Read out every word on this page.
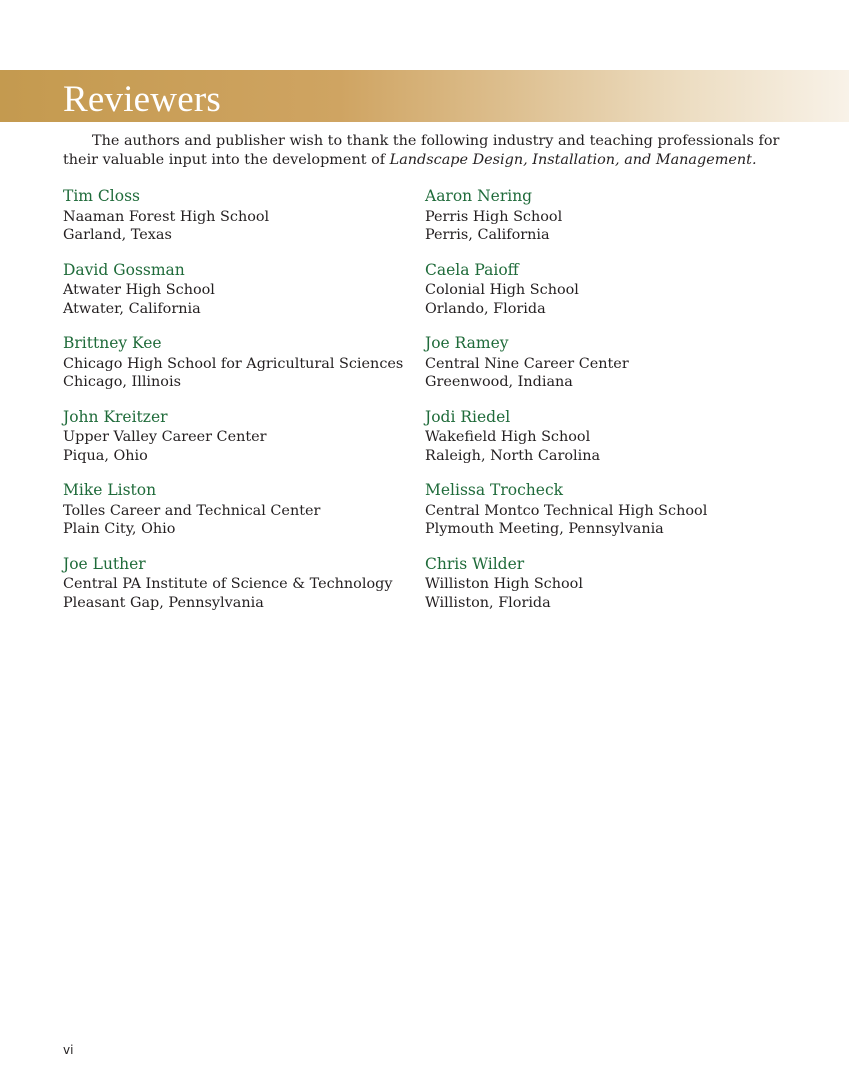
Reviewers

The authors and publisher wish to thank the following industry and teaching professionals for their valuable input into the development of Landscape Design, Installation, and Management.

Tim Closs
Naaman Forest High School
Garland, Texas
David Gossman
Atwater High School
Atwater, California
Brittney Kee
Chicago High School for Agricultural Sciences
Chicago, Illinois
John Kreitzer
Upper Valley Career Center
Piqua, Ohio
Mike Liston
Tolles Career and Technical Center
Plain City, Ohio
Joe Luther
Central PA Institute of Science & Technology
Pleasant Gap, Pennsylvania
Aaron Nering
Perris High School
Perris, California
Caela Paioff
Colonial High School
Orlando, Florida
Joe Ramey
Central Nine Career Center
Greenwood, Indiana
Jodi Riedel
Wakefield High School
Raleigh, North Carolina
Melissa Trocheck
Central Montco Technical High School
Plymouth Meeting, Pennsylvania
Chris Wilder
Williston High School
Williston, Florida
vi
